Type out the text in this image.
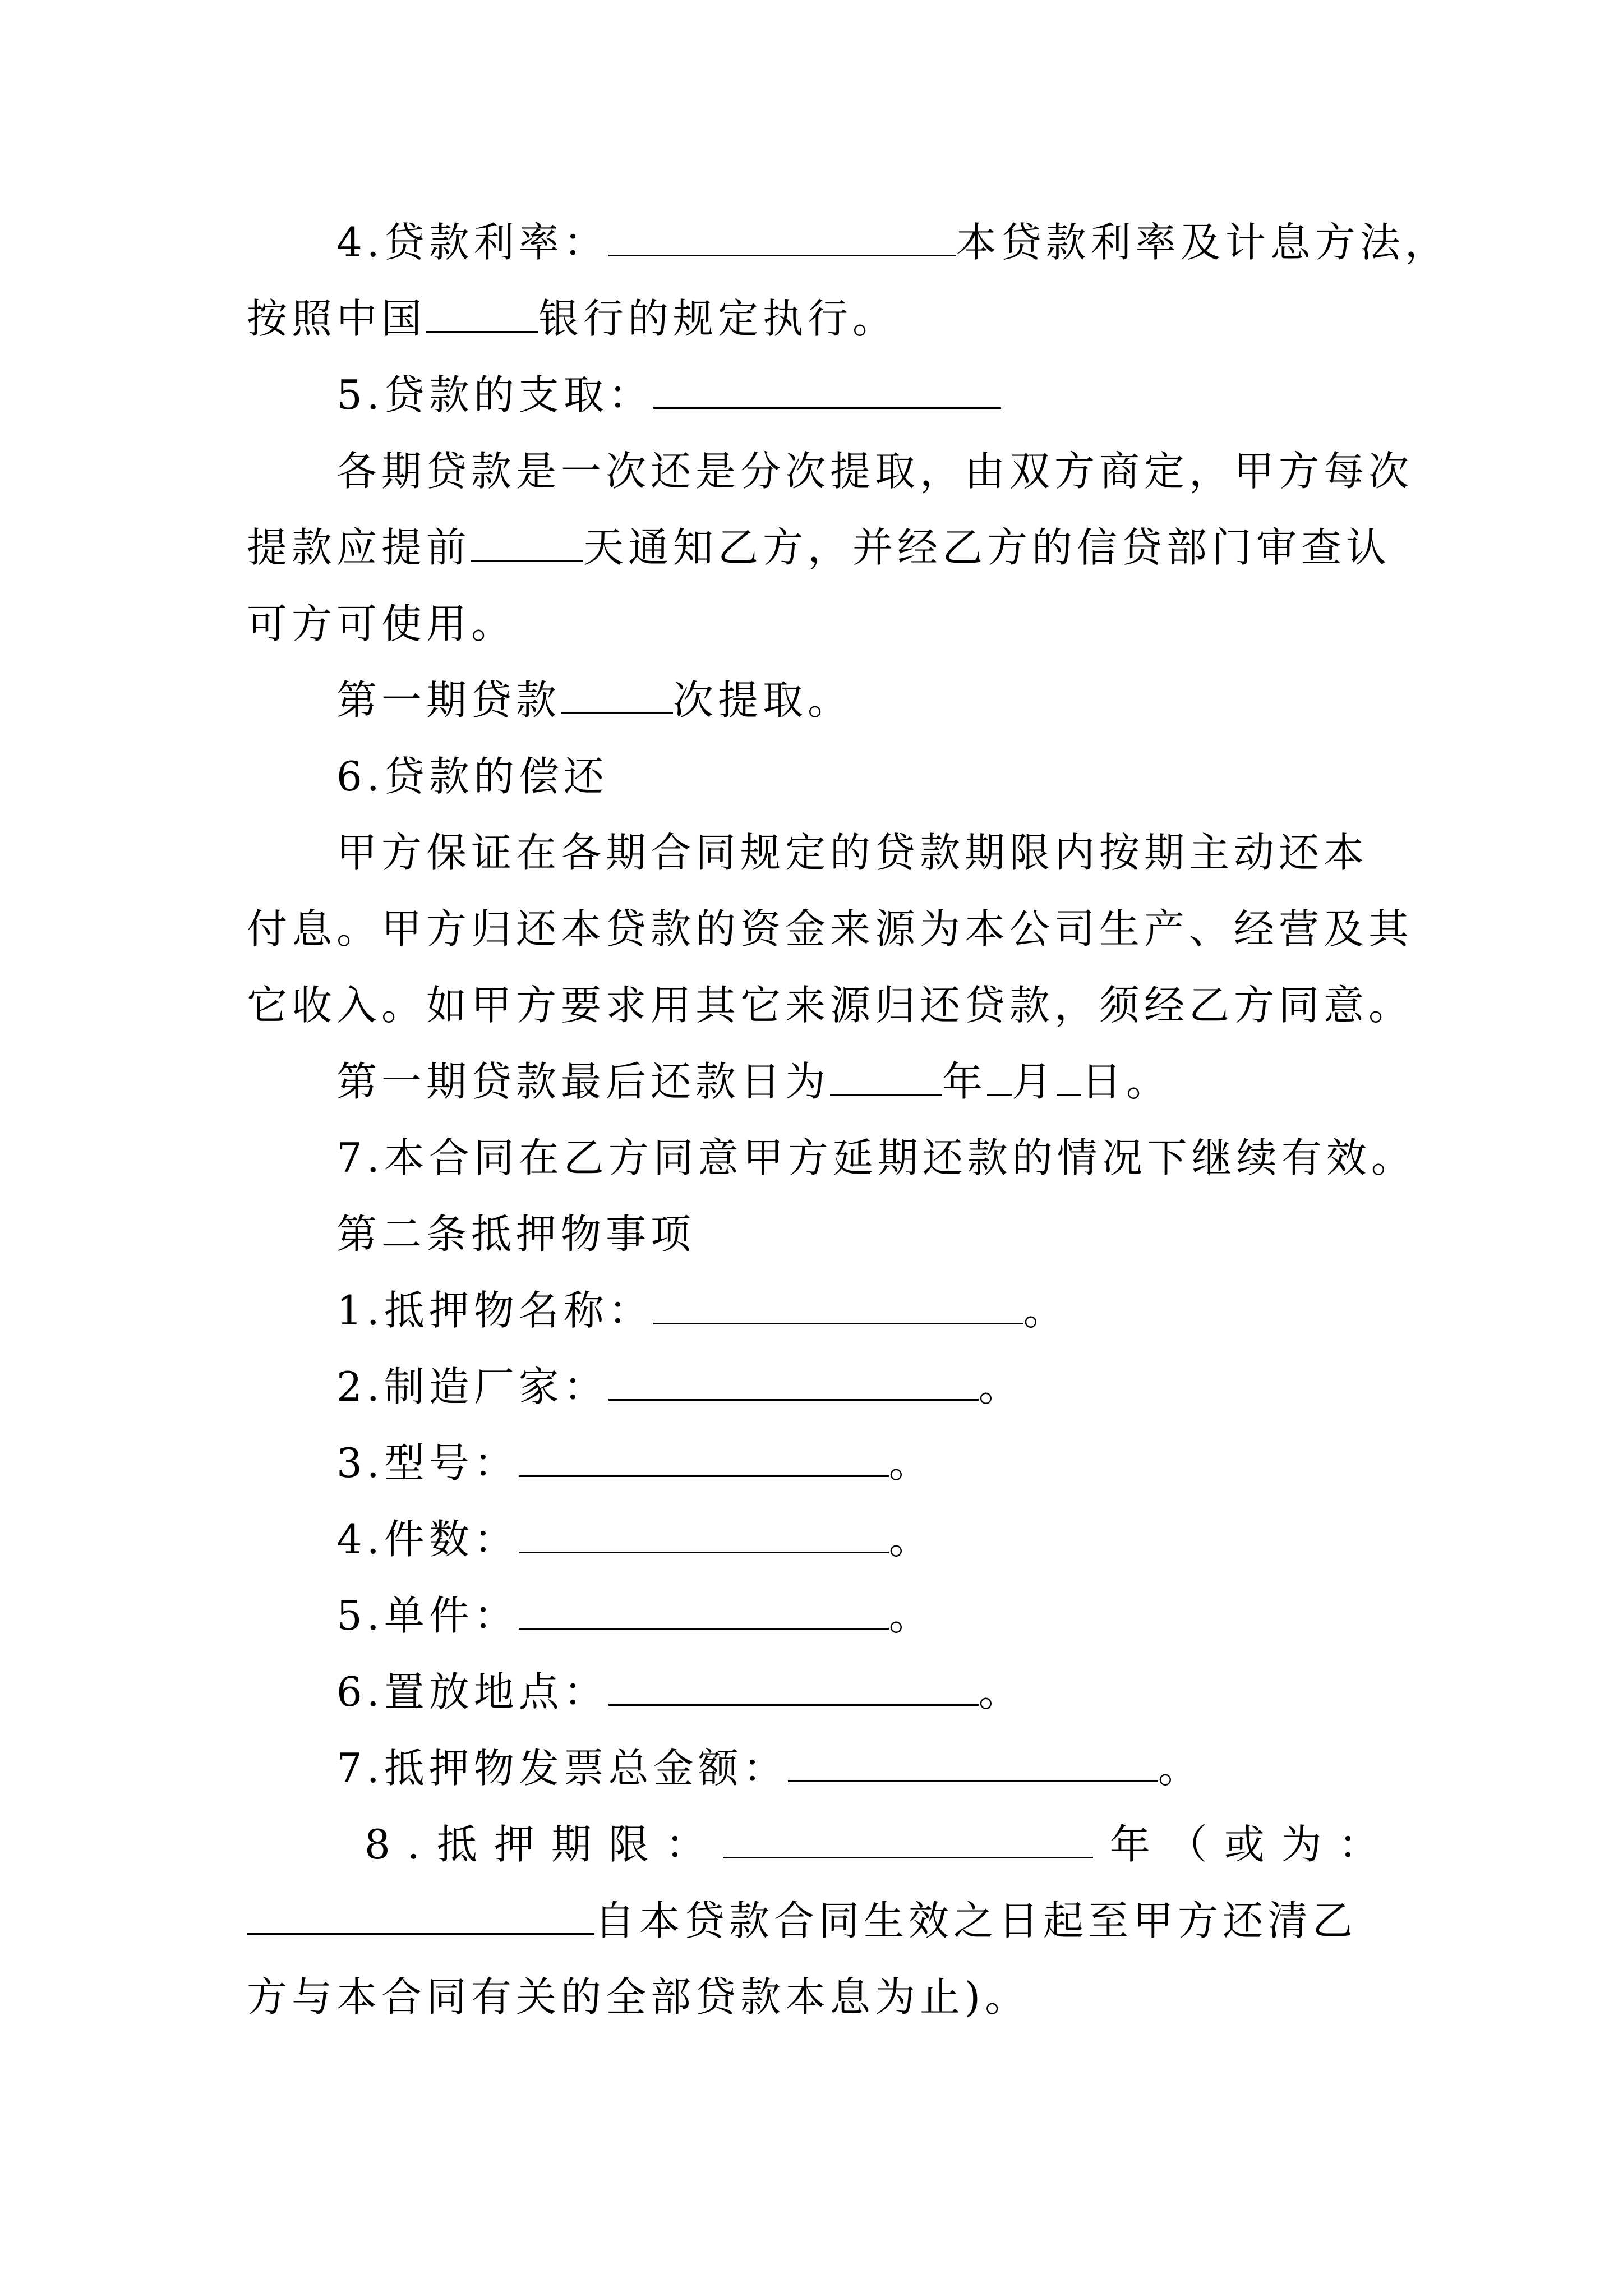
4.贷款利率：	本贷款利率及计息方法，
按照中国	银行的规定执行。
5.贷款的支取：
各期贷款是一次还是分次提取，由双方商定，甲方每次
提款应提前	天通知乙方，并经乙方的信贷部门审查认
可方可使用。
第一期贷款	次提取。
6.贷款的偿还
甲方保证在各期合同规定的贷款期限内按期主动还本
付息。甲方归还本贷款的资金来源为本公司生产、经营及其
它收入。如甲方要求用其它来源归还贷款，须经乙方同意。
第一期贷款最后还款日为	年 月 日。
7.本合同在乙方同意甲方延期还款的情况下继续有效。
第二条抵押物事项
1.抵押物名称：	。
2.制造厂家：	。
3.型号：	。
4.件数：	。
5.单件：	。
6.置放地点：	。
7.抵押物发票总金额：	。
8.抵押期限：	年（或为：
自本贷款合同生效之日起至甲方还清乙
方与本合同有关的全部贷款本息为止)。
